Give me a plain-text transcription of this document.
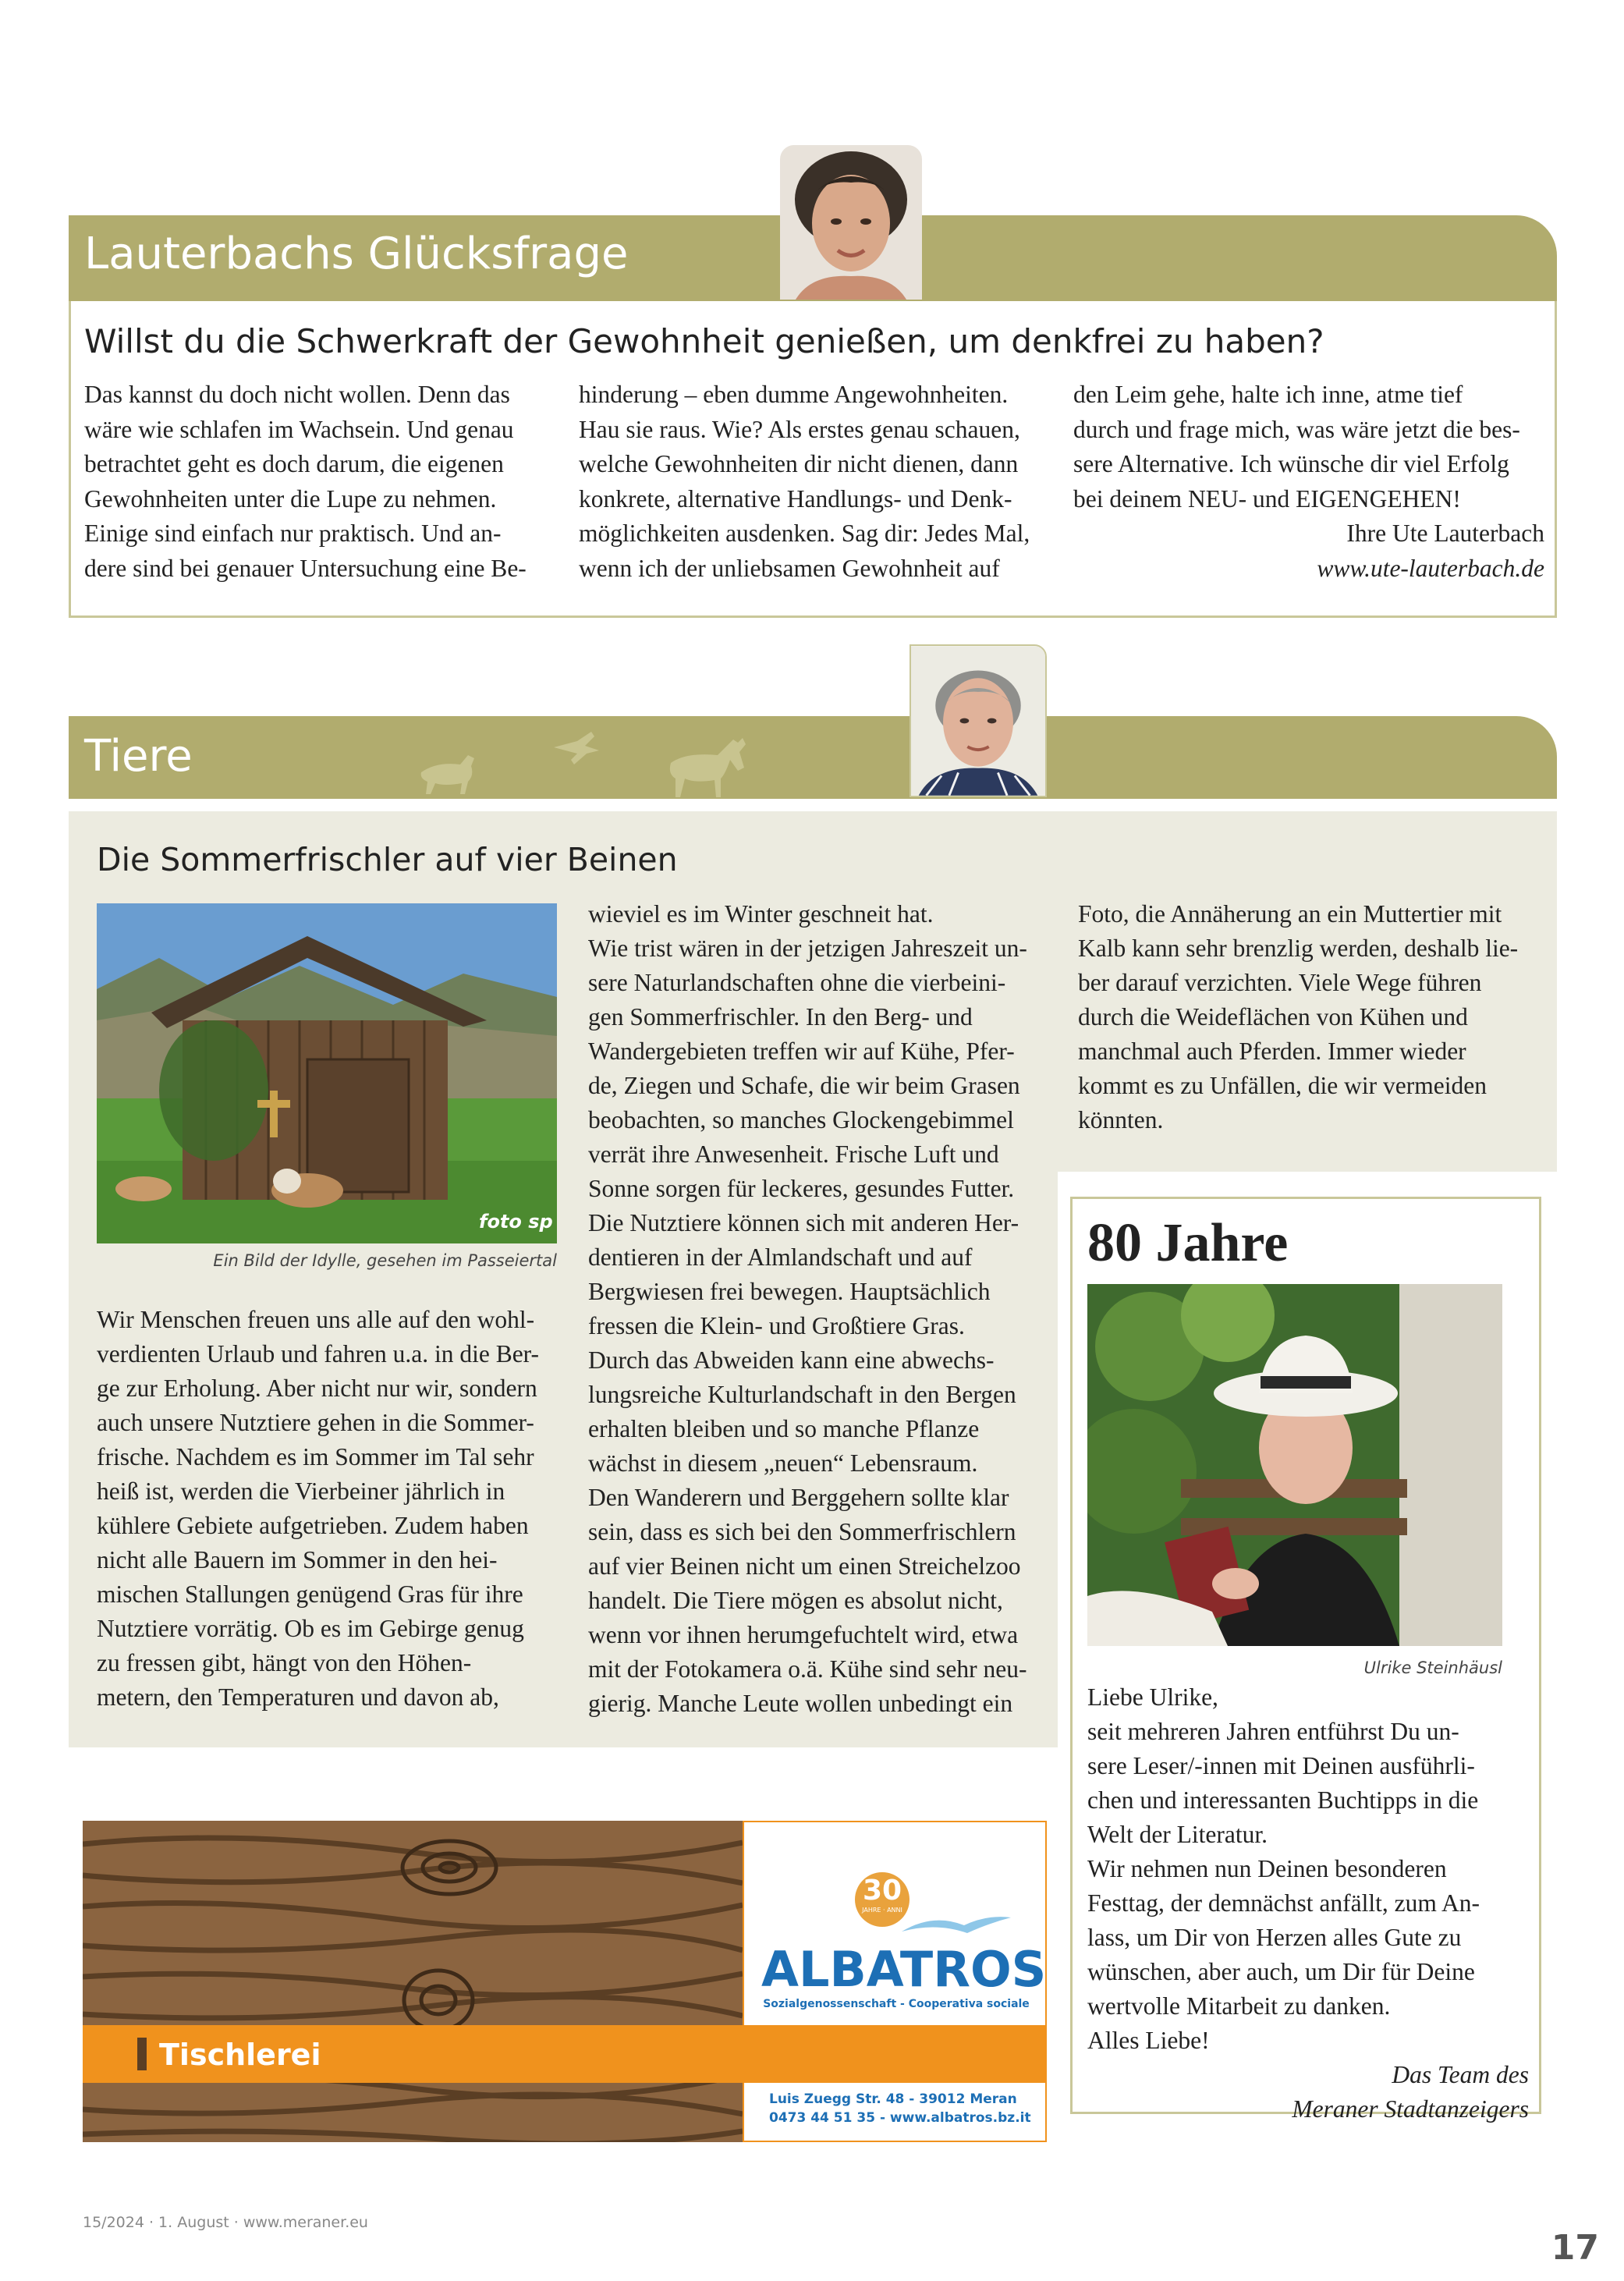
Lauterbachs Glücksfrage
Willst du die Schwerkraft der Gewohnheit genießen, um denkfrei zu haben?

Das kannst du doch nicht wollen. Denn das

wäre wie schlafen im Wachsein. Und genau

betrachtet geht es doch darum, die eigenen

Gewohnheiten unter die Lupe zu nehmen.

Einige sind einfach nur praktisch. Und an-

dere sind bei genauer Untersuchung eine Be-

hinderung – eben dumme Angewohnheiten.

Hau sie raus. Wie? Als erstes genau schauen,

welche Gewohnheiten dir nicht dienen, dann

konkrete, alternative Handlungs- und Denk-

möglichkeiten ausdenken. Sag dir: Jedes Mal,

wenn ich der unliebsamen Gewohnheit auf

den Leim gehe, halte ich inne, atme tief

durch und frage mich, was wäre jetzt die bes-

sere Alternative. Ich wünsche dir viel Erfolg

bei deinem NEU- und EIGENGEHEN!

Ihre Ute Lauterbach

www.ute-lauterbach.de

Tiere
Die Sommerfrischler auf vier Beinen
foto sp
Ein Bild der Idylle, gesehen im Passeiertal

Wir Menschen freuen uns alle auf den wohl-

verdienten Urlaub und fahren u.a. in die Ber-

ge zur Erholung. Aber nicht nur wir, sondern

auch unsere Nutztiere gehen in die Sommer-

frische. Nachdem es im Sommer im Tal sehr

heiß ist, werden die Vierbeiner jährlich in

kühlere Gebiete aufgetrieben. Zudem haben

nicht alle Bauern im Sommer in den hei-

mischen Stallungen genügend Gras für ihre

Nutztiere vorrätig. Ob es im Gebirge genug

zu fressen gibt, hängt von den Höhen-

metern, den Temperaturen und davon ab,

wieviel es im Winter geschneit hat.

Wie trist wären in der jetzigen Jahreszeit un-

sere Naturlandschaften ohne die vierbeini-

gen Sommerfrischler. In den Berg- und

Wandergebieten treffen wir auf Kühe, Pfer-

de, Ziegen und Schafe, die wir beim Grasen

beobachten, so manches Glockengebimmel

verrät ihre Anwesenheit. Frische Luft und

Sonne sorgen für leckeres, gesundes Futter.

Die Nutztiere können sich mit anderen Her-

dentieren in der Almlandschaft und auf

Bergwiesen frei bewegen. Hauptsächlich

fressen die Klein- und Großtiere Gras.

Durch das Abweiden kann eine abwechs-

lungsreiche Kulturlandschaft in den Bergen

erhalten bleiben und so manche Pflanze

wächst in diesem „neuen“ Lebensraum.

Den Wanderern und Berggehern sollte klar

sein, dass es sich bei den Sommerfrischlern

auf vier Beinen nicht um einen Streichelzoo

handelt. Die Tiere mögen es absolut nicht,

wenn vor ihnen herumgefuchtelt wird, etwa

mit der Fotokamera o.ä. Kühe sind sehr neu-

gierig. Manche Leute wollen unbedingt ein

Foto, die Annäherung an ein Muttertier mit

Kalb kann sehr brenzlig werden, deshalb lie-

ber darauf verzichten. Viele Wege führen

durch die Weideflächen von Kühen und

manchmal auch Pferden. Immer wieder

kommt es zu Unfällen, die wir vermeiden

könnten.

80 Jahre
Ulrike Steinhäusl

Liebe Ulrike,

seit mehreren Jahren entführst Du un-

sere Leser/-innen mit Deinen ausführli-

chen und interessanten Buchtipps in die

Welt der Literatur.

Wir nehmen nun Deinen besonderen

Festtag, der demnächst anfällt, zum An-

lass, um Dir von Herzen alles Gute zu

wünschen, aber auch, um Dir für Deine

wertvolle Mitarbeit zu danken.

Alles Liebe!

Das Team des

Meraner Stadtanzeigers

Tischlerei
30
JAHRE · ANNI
ALBATROS
Sozialgenossenschaft - Cooperativa sociale
Luis Zuegg Str. 48 - 39012 Meran
0473 44 51 35 - www.albatros.bz.it
15/2024 · 1. August · www.meraner.eu
17
